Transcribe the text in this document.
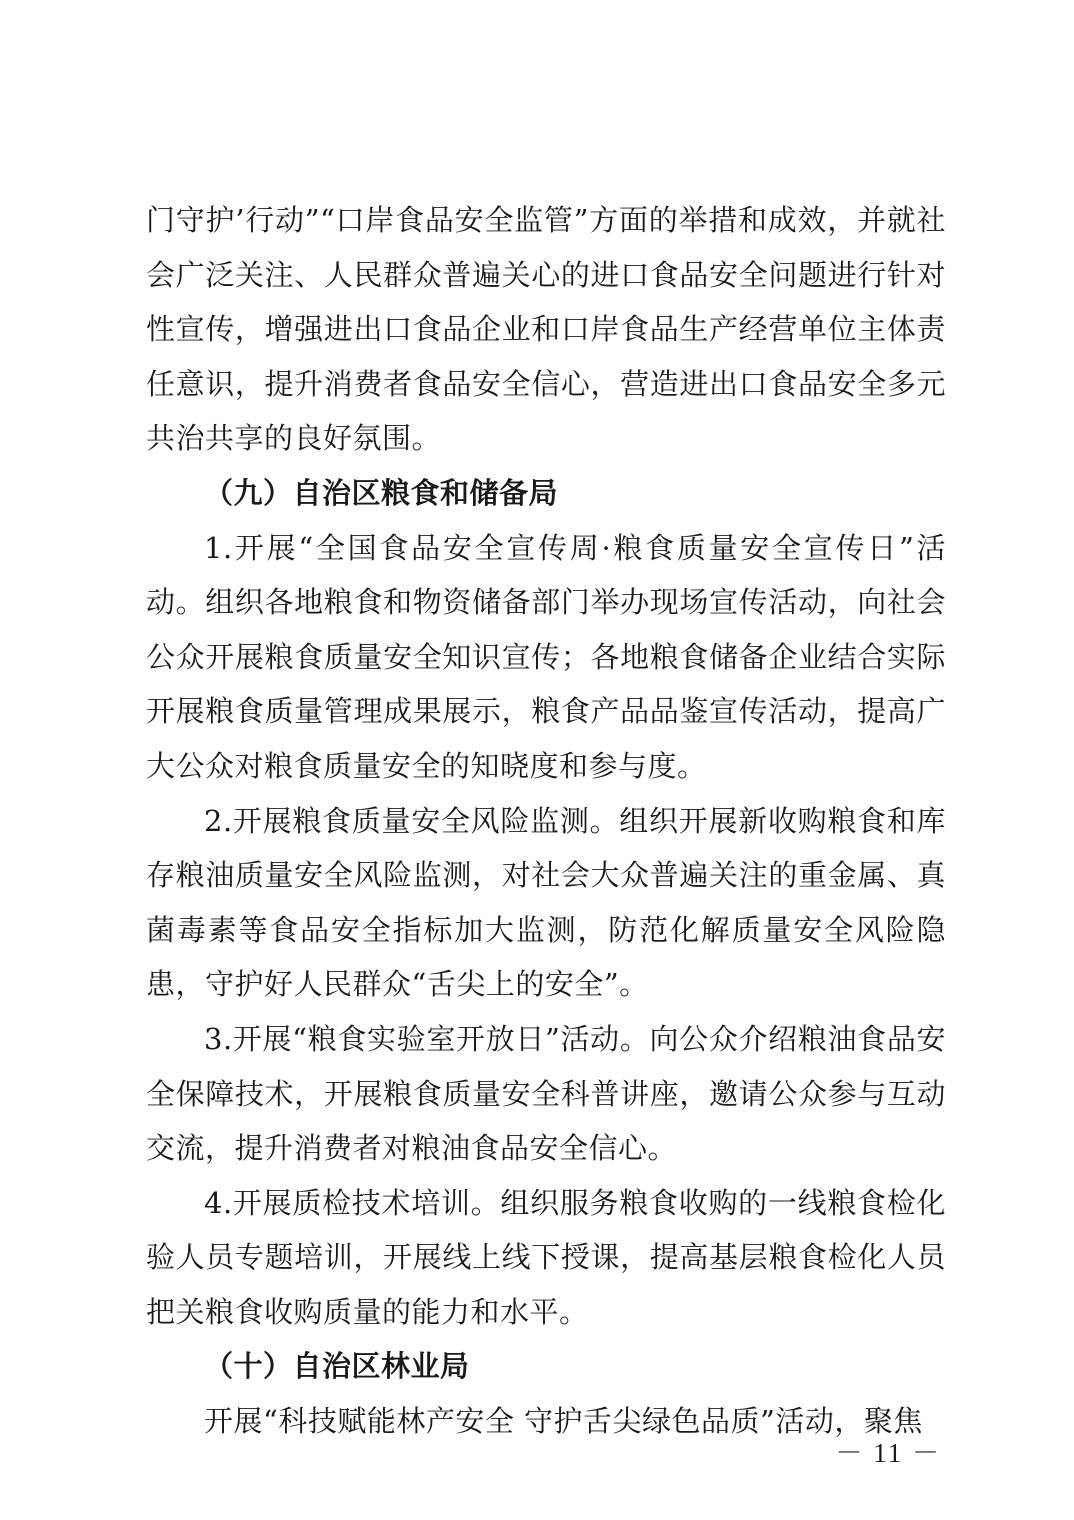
门守护’行动”“口岸食品安全监管”方面的举措和成效，并就社会广泛关注、人民群众普遍关心的进口食品安全问题进行针对性宣传，增强进出口食品企业和口岸食品生产经营单位主体责任意识，提升消费者食品安全信心，营造进出口食品安全多元共治共享的良好氛围。

（九）自治区粮食和储备局

1.开展“全国食品安全宣传周·粮食质量安全宣传日”活动。组织各地粮食和物资储备部门举办现场宣传活动，向社会公众开展粮食质量安全知识宣传；各地粮食储备企业结合实际开展粮食质量管理成果展示，粮食产品品鉴宣传活动，提高广大公众对粮食质量安全的知晓度和参与度。

2.开展粮食质量安全风险监测。组织开展新收购粮食和库存粮油质量安全风险监测，对社会大众普遍关注的重金属、真菌毒素等食品安全指标加大监测，防范化解质量安全风险隐患，守护好人民群众“舌尖上的安全”。

3.开展“粮食实验室开放日”活动。向公众介绍粮油食品安全保障技术，开展粮食质量安全科普讲座，邀请公众参与互动交流，提升消费者对粮油食品安全信心。

4.开展质检技术培训。组织服务粮食收购的一线粮食检化验人员专题培训，开展线上线下授课，提高基层粮食检化人员把关粮食收购质量的能力和水平。

（十）自治区林业局

开展“科技赋能林产安全 守护舌尖绿色品质”活动，聚焦

－ 11 －
